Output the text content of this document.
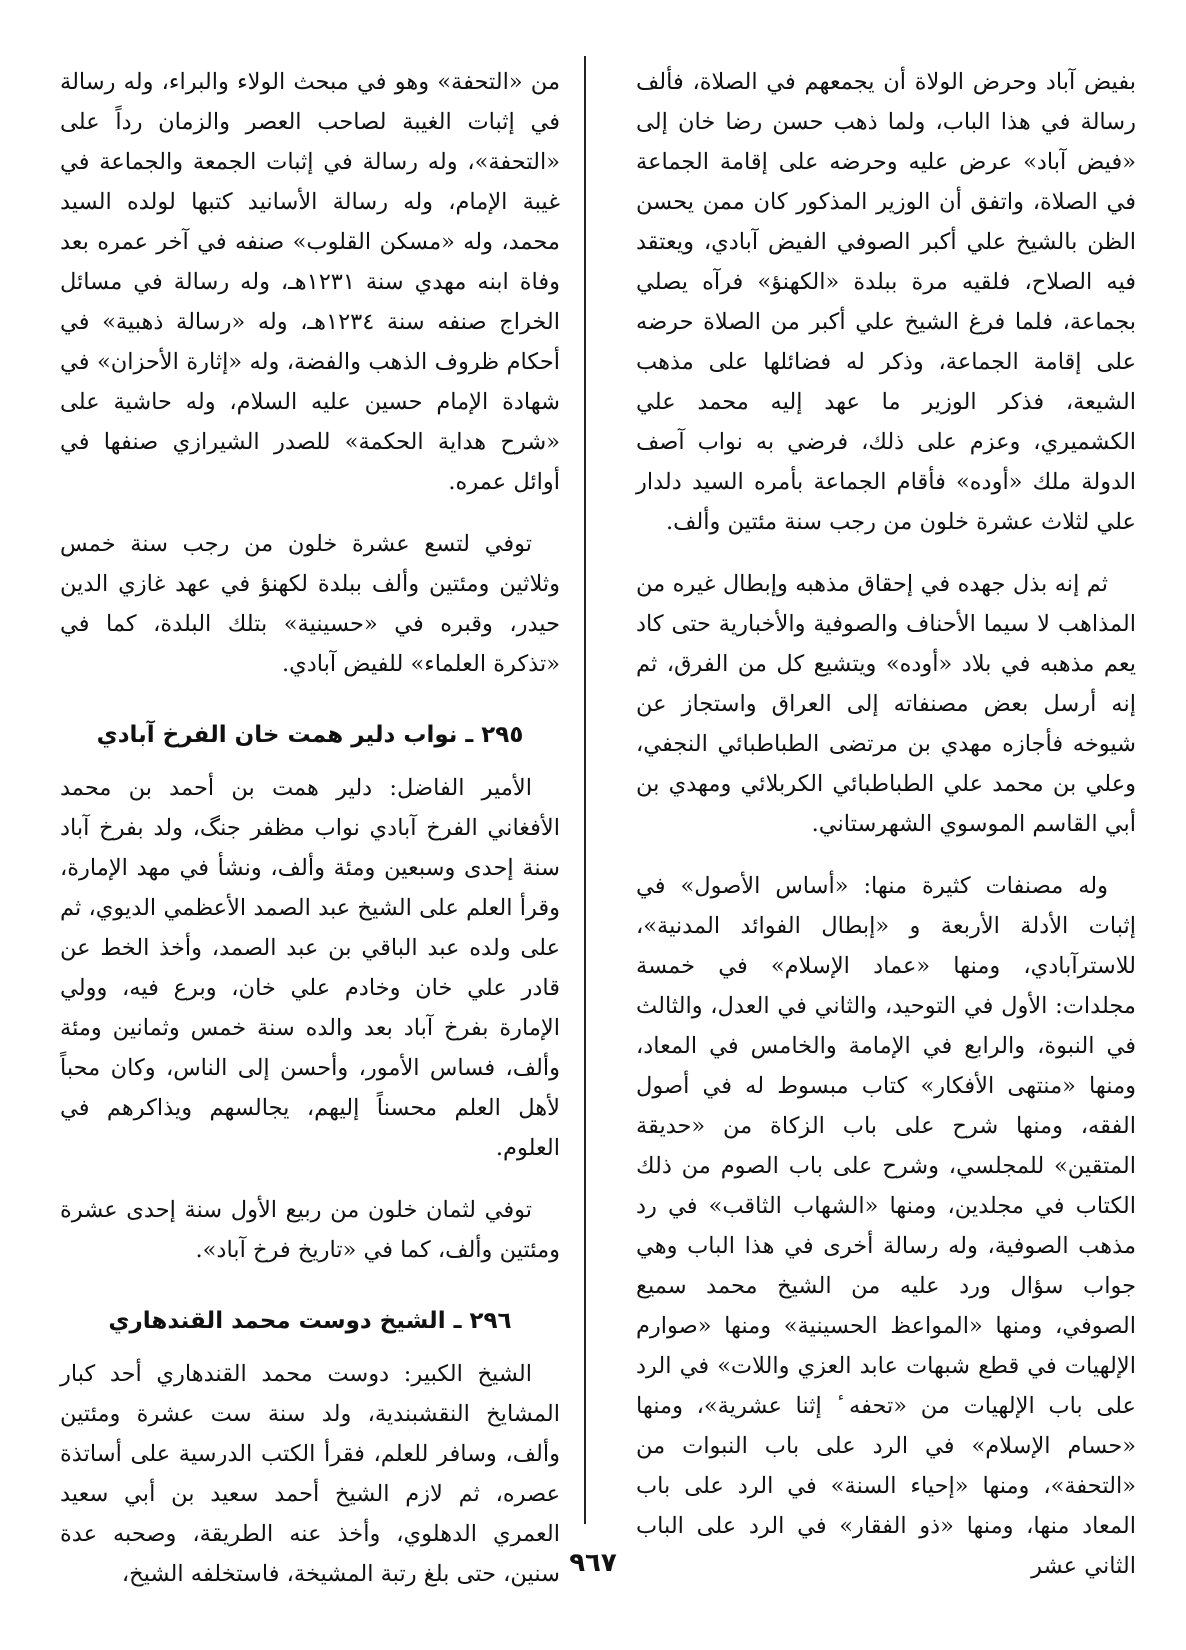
بفيض آباد وحرض الولاة أن يجمعهم في الصلاة، فألف رسالة في هذا الباب، ولما ذهب حسن رضا خان إلى «فيض آباد» عرض عليه وحرضه على إقامة الجماعة في الصلاة، واتفق أن الوزير المذكور كان ممن يحسن الظن بالشيخ علي أكبر الصوفي الفيض آبادي، ويعتقد فيه الصلاح، فلقيه مرة ببلدة «الكهنؤ» فرآه يصلي بجماعة، فلما فرغ الشيخ علي أكبر من الصلاة حرضه على إقامة الجماعة، وذكر له فضائلها على مذهب الشيعة، فذكر الوزير ما عهد إليه محمد علي الكشميري، وعزم على ذلك، فرضي به نواب آصف الدولة ملك «أوده» فأقام الجماعة بأمره السيد دلدار علي لثلاث عشرة خلون من رجب سنة مئتين وألف.

ثم إنه بذل جهده في إحقاق مذهبه وإبطال غيره من المذاهب لا سيما الأحناف والصوفية والأخبارية حتى كاد يعم مذهبه في بلاد «أوده» ويتشيع كل من الفرق، ثم إنه أرسل بعض مصنفاته إلى العراق واستجاز عن شيوخه فأجازه مهدي بن مرتضى الطباطبائي النجفي، وعلي بن محمد علي الطباطبائي الكربلائي ومهدي بن أبي القاسم الموسوي الشهرستاني.

وله مصنفات كثيرة منها: «أساس الأصول» في إثبات الأدلة الأربعة و «إبطال الفوائد المدنية»، للاسترآبادي، ومنها «عماد الإسلام» في خمسة مجلدات: الأول في التوحيد، والثاني في العدل، والثالث في النبوة، والرابع في الإمامة والخامس في المعاد، ومنها «منتهى الأفكار» كتاب مبسوط له في أصول الفقه، ومنها شرح على باب الزكاة من «حديقة المتقين» للمجلسي، وشرح على باب الصوم من ذلك الكتاب في مجلدين، ومنها «الشهاب الثاقب» في رد مذهب الصوفية، وله رسالة أخرى في هذا الباب وهي جواب سؤال ورد عليه من الشيخ محمد سميع الصوفي، ومنها «المواعظ الحسينية» ومنها «صوارم الإلهيات في قطع شبهات عابد العزي واللات» في الرد على باب الإلهيات من «تحفه ٔ إثنا عشرية»، ومنها «حسام الإسلام» في الرد على باب النبوات من «التحفة»، ومنها «إحياء السنة» في الرد على باب المعاد منها، ومنها «ذو الفقار» في الرد على الباب الثاني عشر

من «التحفة» وهو في مبحث الولاء والبراء، وله رسالة في إثبات الغيبة لصاحب العصر والزمان رداً على «التحفة»، وله رسالة في إثبات الجمعة والجماعة في غيبة الإمام، وله رسالة الأسانيد كتبها لولده السيد محمد، وله «مسكن القلوب» صنفه في آخر عمره بعد وفاة ابنه مهدي سنة ١٢٣١هـ، وله رسالة في مسائل الخراج صنفه سنة ١٢٣٤هـ، وله «رسالة ذهبية» في أحكام ظروف الذهب والفضة، وله «إثارة الأحزان» في شهادة الإمام حسين عليه السلام، وله حاشية على «شرح هداية الحكمة» للصدر الشيرازي صنفها في أوائل عمره.

توفي لتسع عشرة خلون من رجب سنة خمس وثلاثين ومئتين وألف ببلدة لكهنؤ في عهد غازي الدين حيدر، وقبره في «حسينية» بتلك البلدة، كما في «تذكرة العلماء» للفيض آبادي.

٢٩٥ ـ نواب دلير همت خان الفرخ آبادي

الأمير الفاضل: دلير همت بن أحمد بن محمد الأفغاني الفرخ آبادي نواب مظفر جنگ، ولد بفرخ آباد سنة إحدى وسبعين ومئة وألف، ونشأ في مهد الإمارة، وقرأ العلم على الشيخ عبد الصمد الأعظمي الديوي، ثم على ولده عبد الباقي بن عبد الصمد، وأخذ الخط عن قادر علي خان وخادم علي خان، وبرع فيه، وولي الإمارة بفرخ آباد بعد والده سنة خمس وثمانين ومئة وألف، فساس الأمور، وأحسن إلى الناس، وكان محباً لأهل العلم محسناً إليهم، يجالسهم ويذاكرهم في العلوم.

توفي لثمان خلون من ربيع الأول سنة إحدى عشرة ومئتين وألف، كما في «تاريخ فرخ آباد».

٢٩٦ ـ الشيخ دوست محمد القندهاري

الشيخ الكبير: دوست محمد القندهاري أحد كبار المشايخ النقشبندية، ولد سنة ست عشرة ومئتين وألف، وسافر للعلم، فقرأ الكتب الدرسية على أساتذة عصره، ثم لازم الشيخ أحمد سعيد بن أبي سعيد العمري الدهلوي، وأخذ عنه الطريقة، وصحبه عدة سنين، حتى بلغ رتبة المشيخة، فاستخلفه الشيخ، ٩٦٧
